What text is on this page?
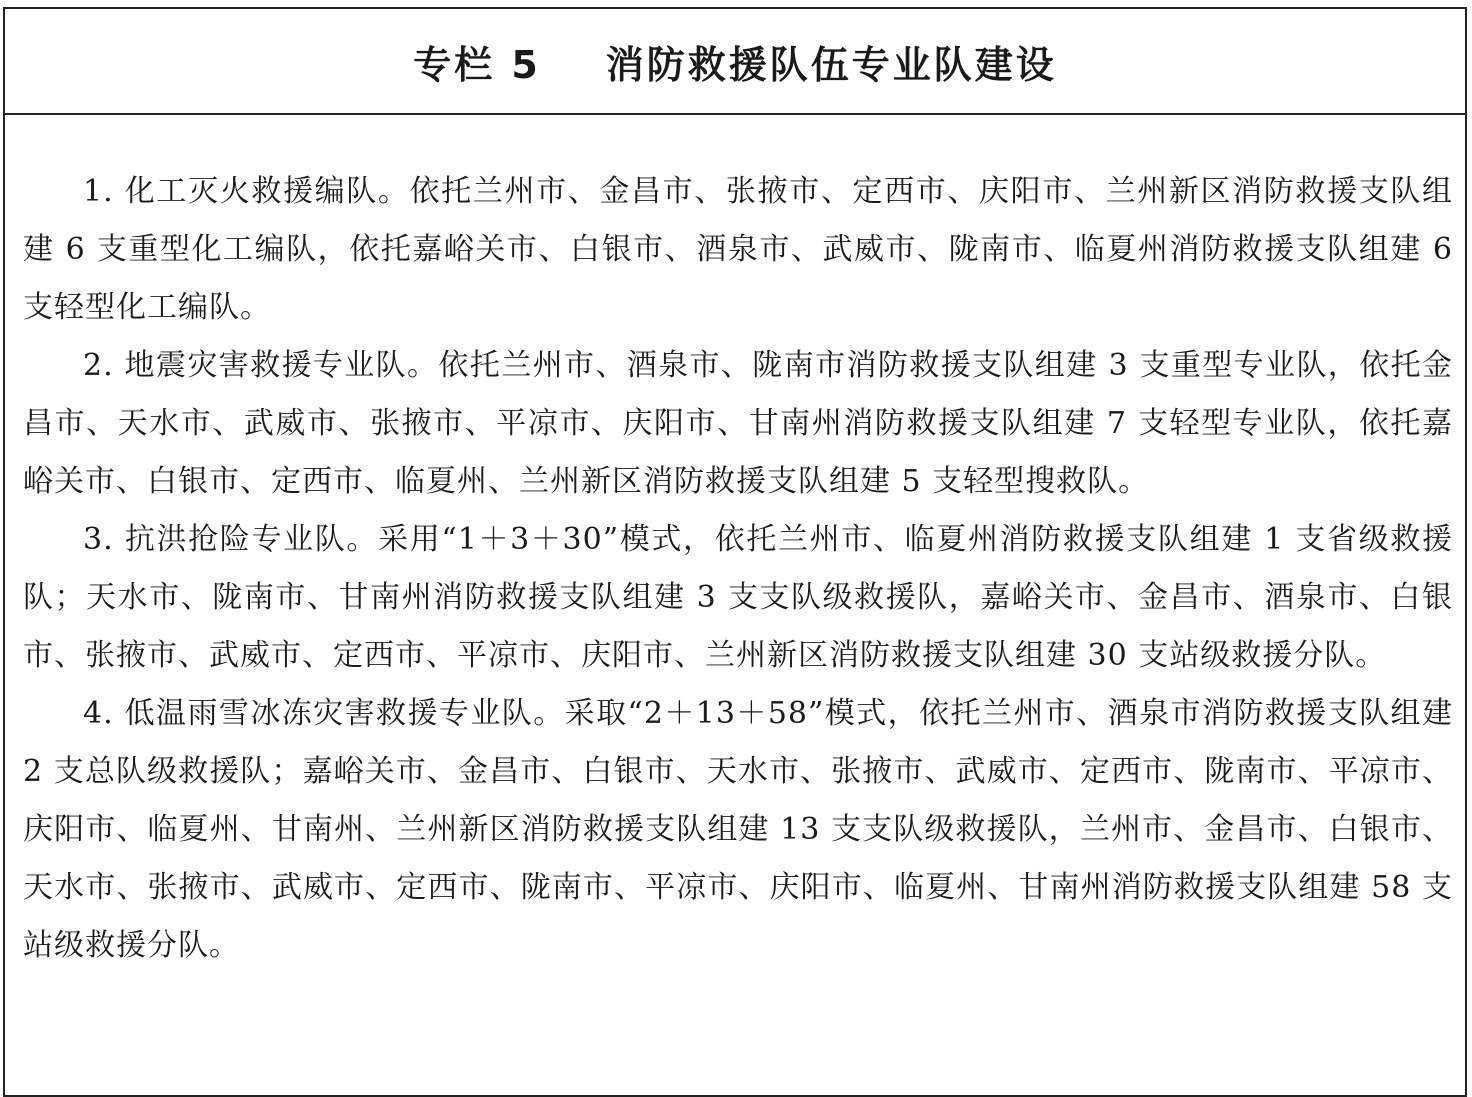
专栏 5    消防救援队伍专业队建设

1. 化工灭火救援编队。依托兰州市、金昌市、张掖市、定西市、庆阳市、兰州新区消防救援支队组建 6 支重型化工编队，依托嘉峪关市、白银市、酒泉市、武威市、陇南市、临夏州消防救援支队组建 6 支轻型化工编队。

2. 地震灾害救援专业队。依托兰州市、酒泉市、陇南市消防救援支队组建 3 支重型专业队，依托金昌市、天水市、武威市、张掖市、平凉市、庆阳市、甘南州消防救援支队组建 7 支轻型专业队，依托嘉峪关市、白银市、定西市、临夏州、兰州新区消防救援支队组建 5 支轻型搜救队。

3. 抗洪抢险专业队。采用“1＋3＋30”模式，依托兰州市、临夏州消防救援支队组建 1 支省级救援队；天水市、陇南市、甘南州消防救援支队组建 3 支支队级救援队，嘉峪关市、金昌市、酒泉市、白银市、张掖市、武威市、定西市、平凉市、庆阳市、兰州新区消防救援支队组建 30 支站级救援分队。

4. 低温雨雪冰冻灾害救援专业队。采取“2＋13＋58”模式，依托兰州市、酒泉市消防救援支队组建 2 支总队级救援队；嘉峪关市、金昌市、白银市、天水市、张掖市、武威市、定西市、陇南市、平凉市、庆阳市、临夏州、甘南州、兰州新区消防救援支队组建 13 支支队级救援队，兰州市、金昌市、白银市、天水市、张掖市、武威市、定西市、陇南市、平凉市、庆阳市、临夏州、甘南州消防救援支队组建 58 支站级救援分队。
